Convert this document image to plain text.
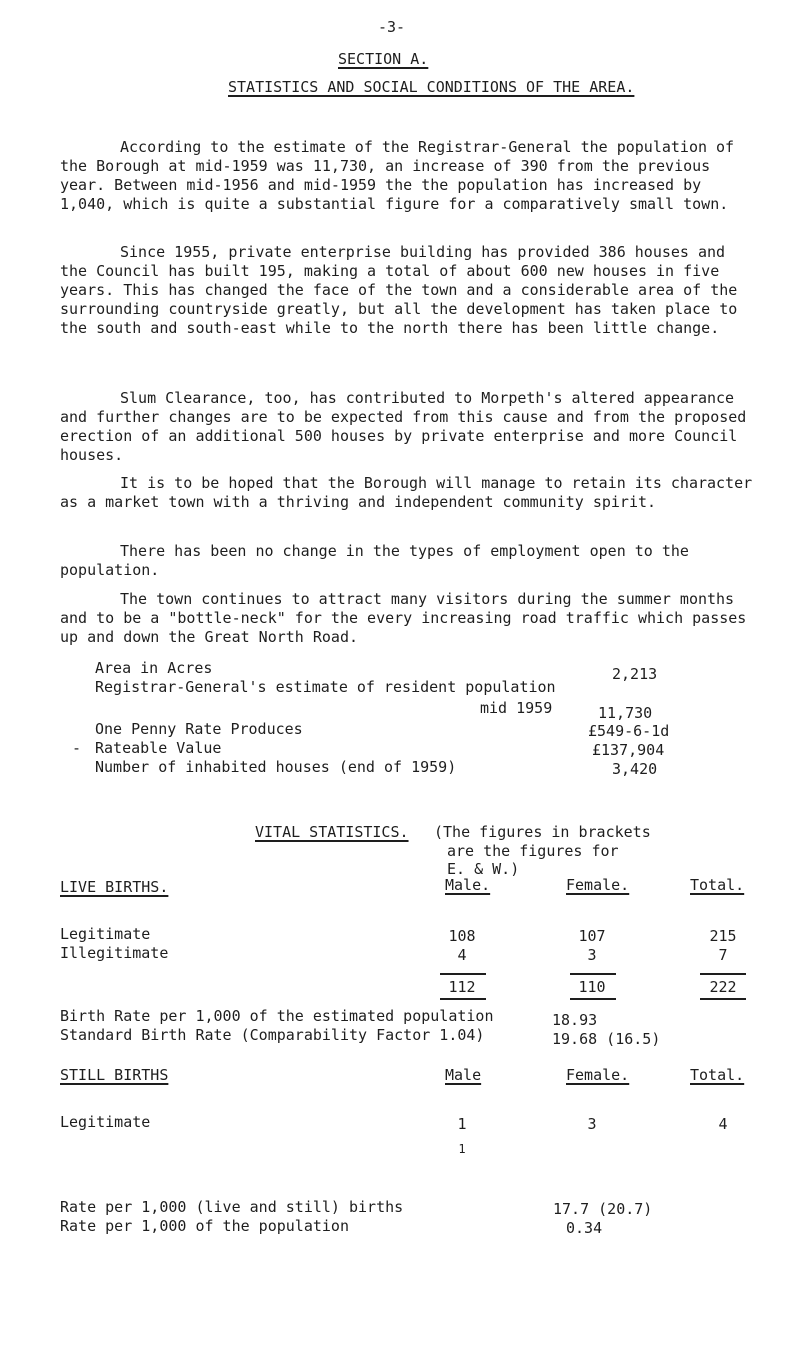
-3-
SECTION A.
STATISTICS AND SOCIAL CONDITIONS OF THE AREA.

According to the estimate of the Registrar-General the population of the Borough at mid-1959 was 11,730, an increase of 390 from the previous year. Between mid-1956 and mid-1959 the the population has increased by 1,040, which is quite a substantial figure for a comparatively small town.

Since 1955, private enterprise building has provided 386 houses and the Council has built 195, making a total of about 600 new houses in five years. This has changed the face of the town and a considerable area of the surrounding countryside greatly, but all the development has taken place to the south and south-east while to the north there has been little change.

Slum Clearance, too, has contributed to Morpeth's altered appearance and further changes are to be expected from this cause and from the proposed erection of an additional 500 houses by private enterprise and more Council houses.

It is to be hoped that the Borough will manage to retain its character as a market town with a thriving and independent community spirit.

There has been no change in the types of employment open to the population.

The town continues to attract many visitors during the summer months and to be a "bottle-neck" for the every increasing road traffic which passes up and down the Great North Road.

Area in Acres	2,213
Registrar-General's estimate of resident population
mid 1959	11,730
One Penny Rate Produces	£549-6-1d
- Rateable Value	£137,904
Number of inhabited houses (end of 1959)	3,420
VITAL STATISTICS. (The figures in brackets
are the figures for
E. & W.)
LIVE BIRTHS.	Male.	Female.	Total.
Legitimate	108	107	215
Illegitimate	4	3	7
112	110	222
Birth Rate per 1,000 of the estimated population	18.93
Standard Birth Rate (Comparability Factor 1.04)	19.68 (16.5)
STILL BIRTHS	Male	Female.	Total.
Legitimate	1	3	4
1
Rate per 1,000 (live and still) births	17.7 (20.7)
Rate per 1,000 of the population	0.34
